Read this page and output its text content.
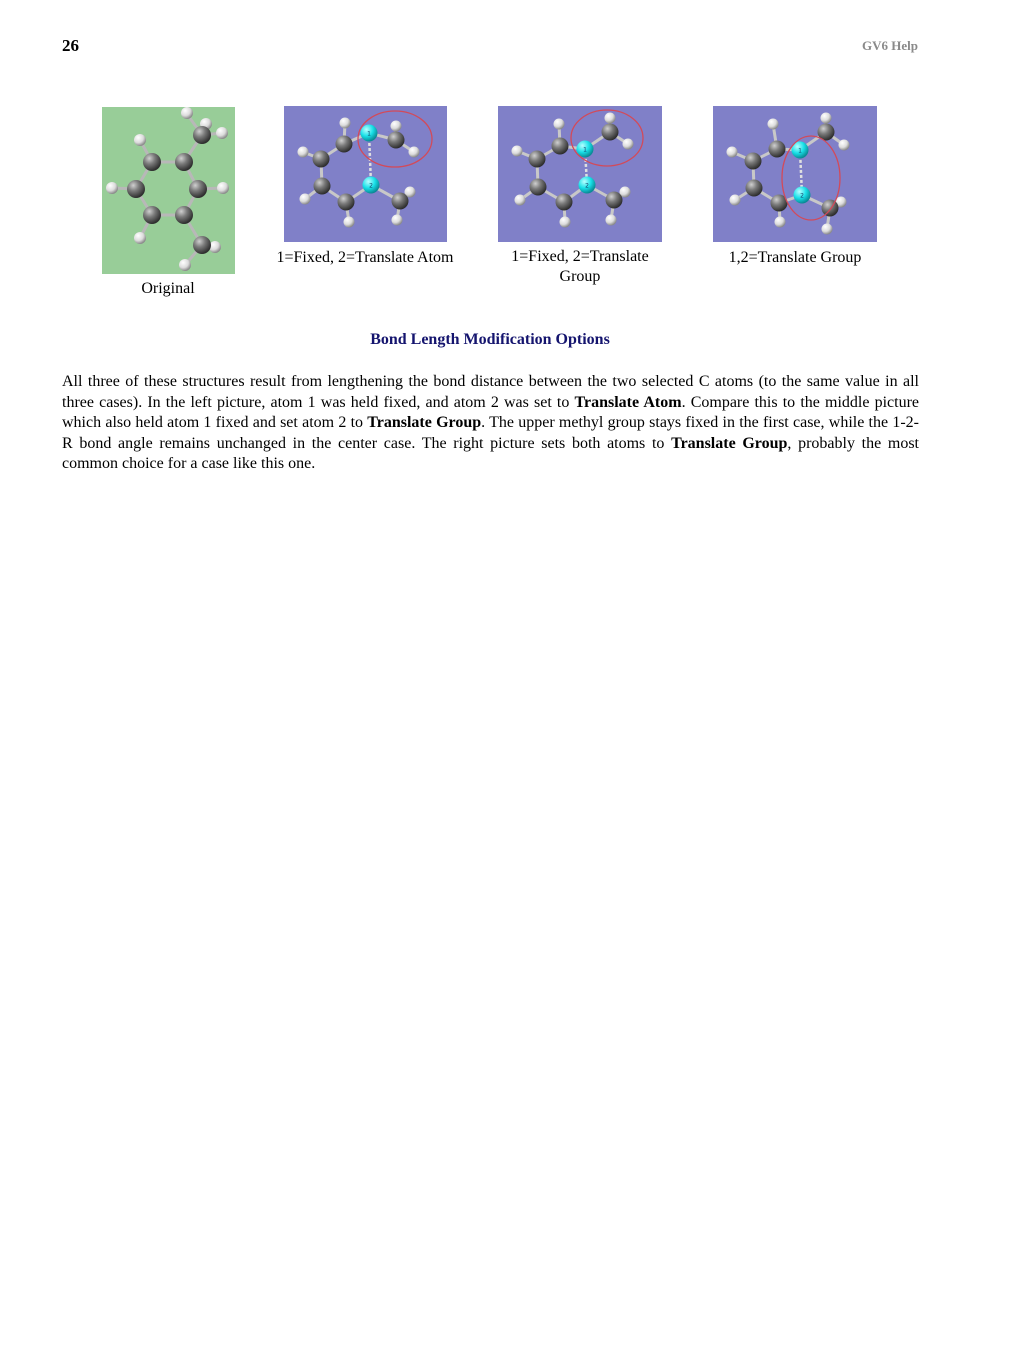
26	GV6 Help
1
2
1
2
1
2
Original
1=Fixed, 2=Translate Atom	1=Fixed, 2=Translate
Group
1,2=Translate Group
Bond Length Modification Options

All three of these structures result from lengthening the bond distance between the two selected C atoms (to the same value in all three cases). In the left picture, atom 1 was held fixed, and atom 2 was set to Translate Atom. Compare this to the middle picture which also held atom 1 fixed and set atom 2 to Translate Group. The upper methyl group stays fixed in the first case, while the 1-2-R bond angle remains unchanged in the center case. The right picture sets both atoms to Translate Group, probably the most common choice for a case like this one.
